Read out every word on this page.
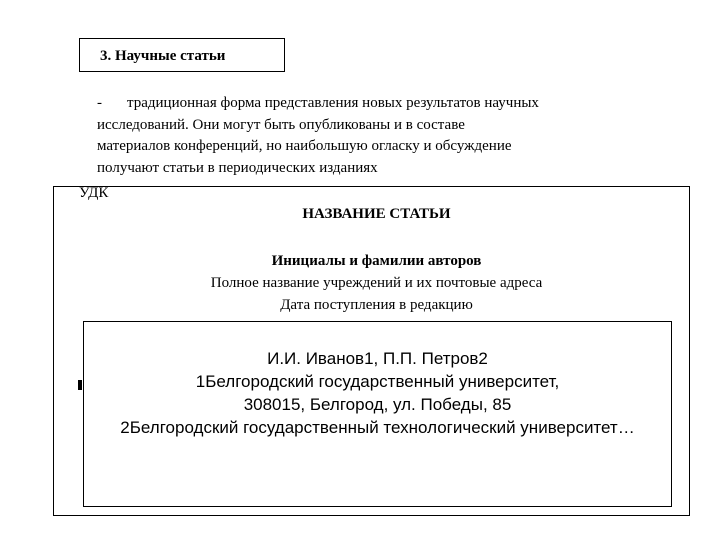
3. Научные статьи
- традиционная форма представления новых результатов научных
исследований. Они могут быть опубликованы и в составе
материалов конференций, но наибольшую огласку и обсуждение
получают статьи в периодических изданиях
УДК
НАЗВАНИЕ СТАТЬИ
Инициалы и фамилии авторов
Полное название учреждений и их почтовые адреса
Дата поступления в редакцию
И.И. Иванов1, П.П. Петров2
1Белгородский государственный университет,
308015, Белгород, ул. Победы, 85
2Белгородский государственный технологический университет…
